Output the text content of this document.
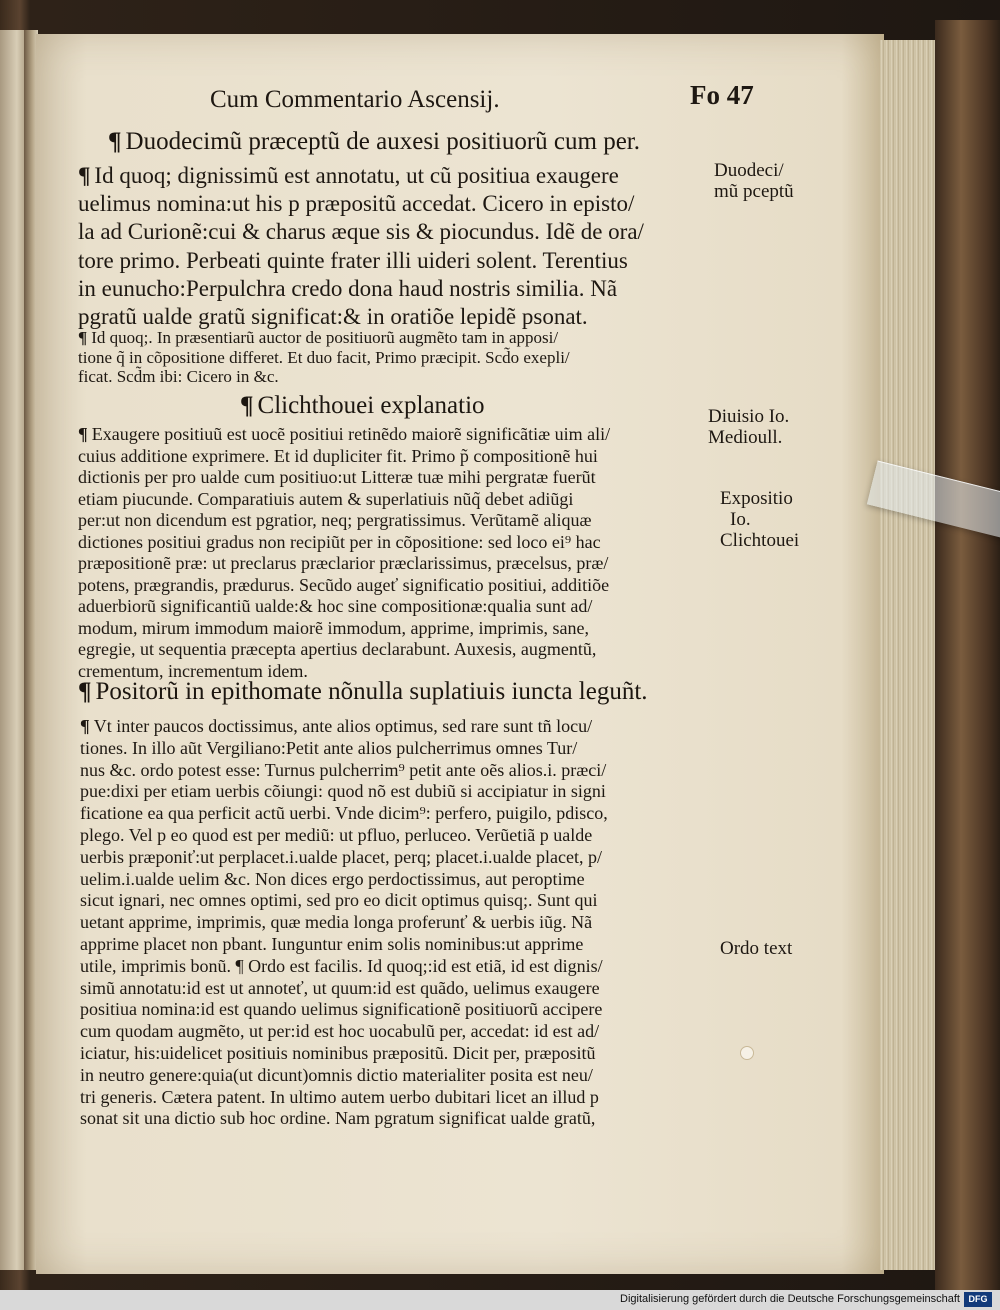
Cum Commentario Ascensij.	Fo 47
¶ Duodecimũ præceptũ de auxesi positiuorũ cum per.
¶ Id quoq; dignissimũ est annotatu, ut cũ positiua exaugere
uelimus nomina:ut his p præpositũ accedat. Cicero in episto/
la ad Curionẽ:cui & charus æque sis & piocundus. Idẽ de ora/
tore primo. Perbeati quinte frater illi uideri solent. Terentius
in eunucho:Perpulchra credo dona haud nostris similia. Nã
pgratũ ualde gratũ significat:& in oratiõe lepidẽ psonat.
¶ Id quoq;. In præsentiarũ auctor de positiuorũ augmẽto tam in apposi/
tione q̃ in cõpositione differet. Et duo facit, Primo præcipit. Scd̃o exepli/
ficat. Scd̃m ibi: Cicero in &c.
¶ Clichthouei explanatio
¶ Exaugere positiuũ est uocẽ positiui retinẽdo maiorẽ significãtiæ uim ali/
cuius additione exprimere. Et id dupliciter fit. Primo p̃ compositionẽ hui
dictionis per pro ualde cum positiuo:ut Litteræ tuæ mihi pergratæ fuerũt
etiam piucunde. Comparatiuis autem & superlatiuis nũq̃ debet adiũgi
per:ut non dicendum est pgratior, neq; pergratissimus. Verũtamẽ aliquæ
dictiones positiui gradus non recipiũt per in cõpositione: sed loco ei⁹ hac
præpositionẽ præ: ut preclarus præclarior præclarissimus, præcelsus, præ/
potens, prægrandis, prædurus. Secũdo augeť significatio positiui, additiõe
aduerbiorũ significantiũ ualde:& hoc sine compositionæ:qualia sunt ad/
modum, mirum immodum maiorẽ immodum, apprime, imprimis, sane,
egregie, ut sequentia præcepta apertius declarabunt. Auxesis, augmentũ,
crementum, incrementum idem.
¶ Positorũ in epithomate nõnulla suplatiuis iuncta leguñt.
¶ Vt inter paucos doctissimus, ante alios optimus, sed rare sunt tñ locu/
tiones. In illo aũt Vergiliano:Petit ante alios pulcherrimus omnes Tur/
nus &c. ordo potest esse: Turnus pulcherrim⁹ petit ante oẽs alios.i. præci/
pue:dixi per etiam uerbis cõiungi: quod nõ est dubiũ si accipiatur in signi
ficatione ea qua perficit actũ uerbi. Vnde dicim⁹: perfero, puigilo, pdisco,
plego. Vel p eo quod est per mediũ: ut pfluo, perluceo. Verũetiã p ualde
uerbis præponiť:ut perplacet.i.ualde placet, perq; placet.i.ualde placet, p/
uelim.i.ualde uelim &c. Non dices ergo perdoctissimus, aut peroptime
sicut ignari, nec omnes optimi, sed pro eo dicit optimus quisq;. Sunt qui
uetant apprime, imprimis, quæ media longa proferunť & uerbis iũg. Nã
apprime placet non pbant. Iunguntur enim solis nominibus:ut apprime
utile, imprimis bonũ. ¶ Ordo est facilis. Id quoq;:id est etiã, id est dignis/
simũ annotatu:id est ut annoteť, ut quum:id est quãdo, uelimus exaugere
positiua nomina:id est quando uelimus significationẽ positiuorũ accipere
cum quodam augmẽto, ut per:id est hoc uocabulũ per, accedat: id est ad/
iciatur, his:uidelicet positiuis nominibus præpositũ. Dicit per, præpositũ
in neutro genere:quia(ut dicunt)omnis dictio materialiter posita est neu/
tri generis. Cætera patent. In ultimo autem uerbo dubitari licet an illud p
sonat sit una dictio sub hoc ordine. Nam pgratum significat ualde gratũ,
Duodeci/
mũ pceptũ
Diuisio Io.
Medioull.
Expositio
Io.
Clichtouei
Ordo text
Digitalisierung gefördert durch die Deutsche Forschungsgemeinschaft DFG
